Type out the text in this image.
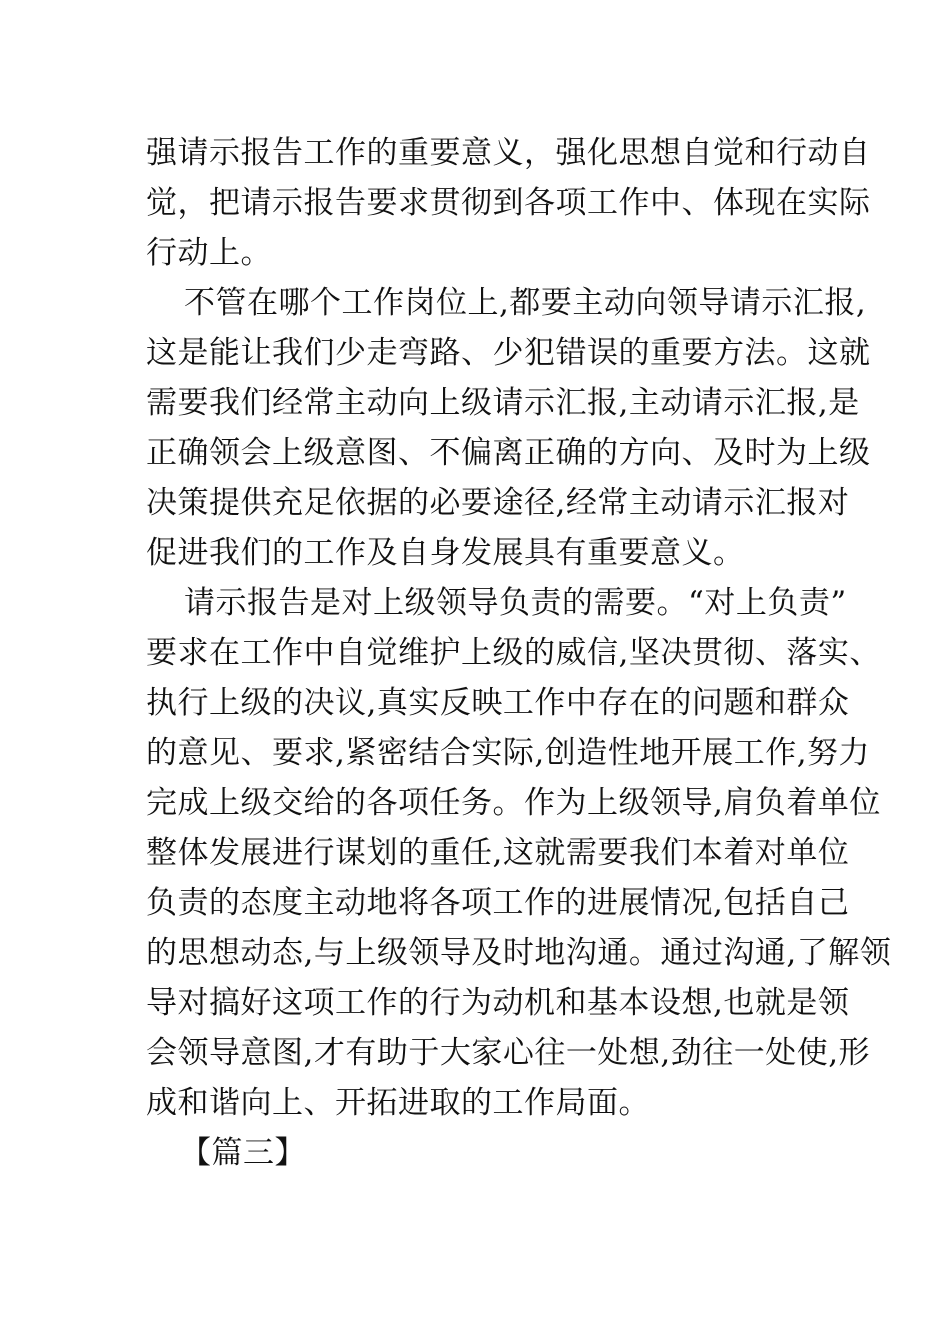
强请示报告工作的重要意义，强化思想自觉和行动自
觉，把请示报告要求贯彻到各项工作中、体现在实际
行动上。
不管在哪个工作岗位上,都要主动向领导请示汇报,
这是能让我们少走弯路、少犯错误的重要方法。这就
需要我们经常主动向上级请示汇报,主动请示汇报,是
正确领会上级意图、不偏离正确的方向、及时为上级
决策提供充足依据的必要途径,经常主动请示汇报对
促进我们的工作及自身发展具有重要意义。
请示报告是对上级领导负责的需要。“对上负责”
要求在工作中自觉维护上级的威信,坚决贯彻、落实、
执行上级的决议,真实反映工作中存在的问题和群众
的意见、要求,紧密结合实际,创造性地开展工作,努力
完成上级交给的各项任务。作为上级领导,肩负着单位
整体发展进行谋划的重任,这就需要我们本着对单位
负责的态度主动地将各项工作的进展情况,包括自己
的思想动态,与上级领导及时地沟通。通过沟通,了解领
导对搞好这项工作的行为动机和基本设想,也就是领
会领导意图,才有助于大家心往一处想,劲往一处使,形
成和谐向上、开拓进取的工作局面。
【篇三】
